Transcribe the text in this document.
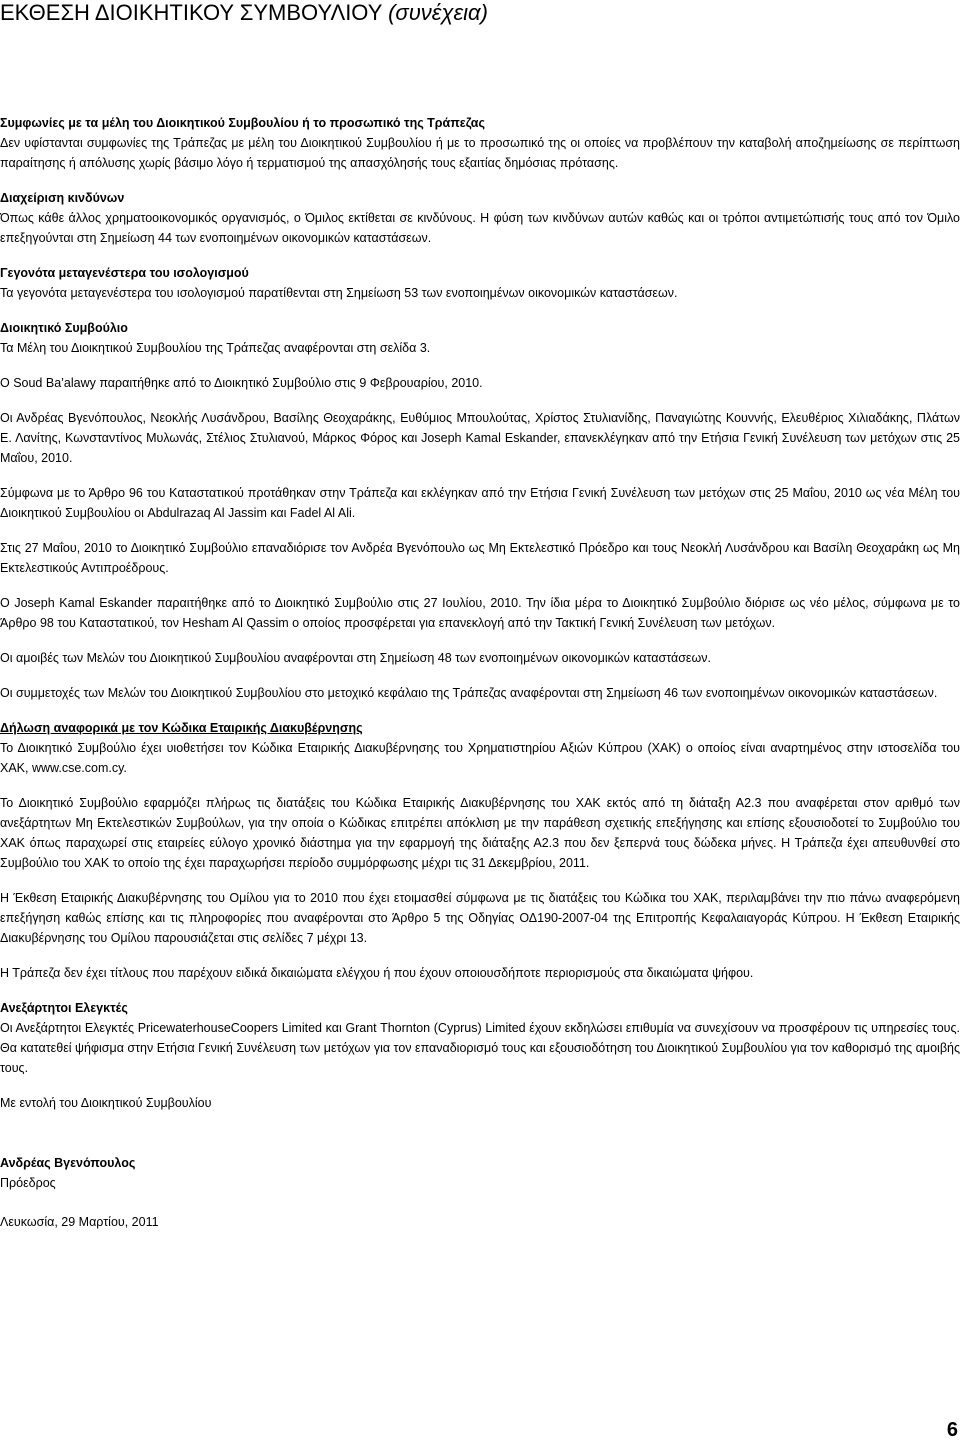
ΕΚΘΕΣΗ ΔΙΟΙΚΗΤΙΚΟΥ ΣΥΜΒΟΥΛΙΟΥ (συνέχεια)

Συμφωνίες με τα μέλη του Διοικητικού Συμβουλίου ή το προσωπικό της Τράπεζας

Δεν υφίστανται συμφωνίες της Τράπεζας με μέλη του Διοικητικού Συμβουλίου ή με το προσωπικό της οι οποίες να προβλέπουν την καταβολή αποζημείωσης σε περίπτωση παραίτησης ή απόλυσης χωρίς βάσιμο λόγο ή τερματισμού της απασχόλησής τους εξαιτίας δημόσιας πρότασης.

Διαχείριση κινδύνων

Όπως κάθε άλλος χρηματοοικονομικός οργανισμός, ο Όμιλος εκτίθεται σε κινδύνους. Η φύση των κινδύνων αυτών καθώς και οι τρόποι αντιμετώπισής τους από τον Όμιλο επεξηγούνται στη Σημείωση 44 των ενοποιημένων οικονομικών καταστάσεων.

Γεγονότα μεταγενέστερα του ισολογισμού

Τα γεγονότα μεταγενέστερα του ισολογισμού παρατίθενται στη Σημείωση 53 των ενοποιημένων οικονομικών καταστάσεων.

Διοικητικό Συμβούλιο

Τα Μέλη του Διοικητικού Συμβουλίου της Τράπεζας αναφέρονται στη σελίδα 3.

Ο Soud Ba’alawy παραιτήθηκε από το Διοικητικό Συμβούλιο στις 9 Φεβρουαρίου, 2010.

Οι Ανδρέας Βγενόπουλος, Νεοκλής Λυσάνδρου, Βασίλης Θεοχαράκης, Ευθύμιος Μπουλούτας, Χρίστος Στυλιανίδης, Παναγιώτης Κουννής, Ελευθέριος Χιλιαδάκης, Πλάτων Ε. Λανίτης, Κωνσταντίνος Μυλωνάς, Στέλιος Στυλιανού, Μάρκος Φόρος και Joseph Kamal Eskander, επανεκλέγηκαν από την Ετήσια Γενική Συνέλευση των μετόχων στις 25 Μαΐου, 2010.

Σύμφωνα με το Άρθρο 96 του Καταστατικού προτάθηκαν στην Τράπεζα και εκλέγηκαν από την Ετήσια Γενική Συνέλευση των μετόχων στις 25 Μαΐου, 2010 ως νέα Μέλη του Διοικητικού Συμβουλίου οι Abdulrazaq Al Jassim και Fadel Al Ali.

Στις 27 Μαΐου, 2010 το Διοικητικό Συμβούλιο επαναδιόρισε τον Ανδρέα Βγενόπουλο ως Μη Εκτελεστικό Πρόεδρο και τους Νεοκλή Λυσάνδρου και Βασίλη Θεοχαράκη ως Μη Εκτελεστικούς Αντιπροέδρους.

Ο Joseph Kamal Eskander παραιτήθηκε από το Διοικητικό Συμβούλιο στις 27 Ιουλίου, 2010. Την ίδια μέρα το Διοικητικό Συμβούλιο διόρισε ως νέο μέλος, σύμφωνα με το Άρθρο 98 του Καταστατικού, τον Hesham Al Qassim ο οποίος προσφέρεται για επανεκλογή από την Τακτική Γενική Συνέλευση των μετόχων.

Οι αμοιβές των Μελών του Διοικητικού Συμβουλίου αναφέρονται στη Σημείωση 48 των ενοποιημένων οικονομικών καταστάσεων.

Οι συμμετοχές των Μελών του Διοικητικού Συμβουλίου στο μετοχικό κεφάλαιο της Τράπεζας αναφέρονται στη Σημείωση 46 των ενοποιημένων οικονομικών καταστάσεων.

Δήλωση αναφορικά με τον Κώδικα Εταιρικής Διακυβέρνησης

Το Διοικητικό Συμβούλιο έχει υιοθετήσει τον Κώδικα Εταιρικής Διακυβέρνησης του Χρηματιστηρίου Αξιών Κύπρου (ΧΑΚ) ο οποίος είναι αναρτημένος στην ιστοσελίδα του ΧΑΚ, www.cse.com.cy.

Το Διοικητικό Συμβούλιο εφαρμόζει πλήρως τις διατάξεις του Κώδικα Εταιρικής Διακυβέρνησης του ΧΑΚ εκτός από τη διάταξη Α2.3 που αναφέρεται στον αριθμό των ανεξάρτητων Μη Εκτελεστικών Συμβούλων, για την οποία ο Κώδικας επιτρέπει απόκλιση με την παράθεση σχετικής επεξήγησης και επίσης εξουσιοδοτεί το Συμβούλιο του ΧΑΚ όπως παραχωρεί στις εταιρείες εύλογο χρονικό διάστημα για την εφαρμογή της διάταξης Α2.3 που δεν ξεπερνά τους δώδεκα μήνες. Η Τράπεζα έχει απευθυνθεί στο Συμβούλιο του ΧΑΚ το οποίο της έχει παραχωρήσει περίοδο συμμόρφωσης μέχρι τις 31 Δεκεμβρίου, 2011.

Η Έκθεση Εταιρικής Διακυβέρνησης του Ομίλου για το 2010 που έχει ετοιμασθεί σύμφωνα με τις διατάξεις του Κώδικα του ΧΑΚ, περιλαμβάνει την πιο πάνω αναφερόμενη επεξήγηση καθώς επίσης και τις πληροφορίες που αναφέρονται στο Άρθρο 5 της Οδηγίας ΟΔ190-2007-04 της Επιτροπής Κεφαλαιαγοράς Κύπρου. Η Έκθεση Εταιρικής Διακυβέρνησης του Ομίλου παρουσιάζεται στις σελίδες 7 μέχρι 13.

Η Τράπεζα δεν έχει τίτλους που παρέχουν ειδικά δικαιώματα ελέγχου ή που έχουν οποιουσδήποτε περιορισμούς στα δικαιώματα ψήφου.

Ανεξάρτητοι Ελεγκτές

Οι Ανεξάρτητοι Ελεγκτές PricewaterhouseCoopers Limited και Grant Thornton (Cyprus) Limited έχουν εκδηλώσει επιθυμία να συνεχίσουν να προσφέρουν τις υπηρεσίες τους. Θα κατατεθεί ψήφισμα στην Ετήσια Γενική Συνέλευση των μετόχων για τον επαναδιορισμό τους και εξουσιοδότηση του Διοικητικού Συμβουλίου για τον καθορισμό της αμοιβής τους.

Με εντολή του Διοικητικού Συμβουλίου

Ανδρέας Βγενόπουλος

Πρόεδρος

Λευκωσία, 29 Μαρτίου, 2011

6
